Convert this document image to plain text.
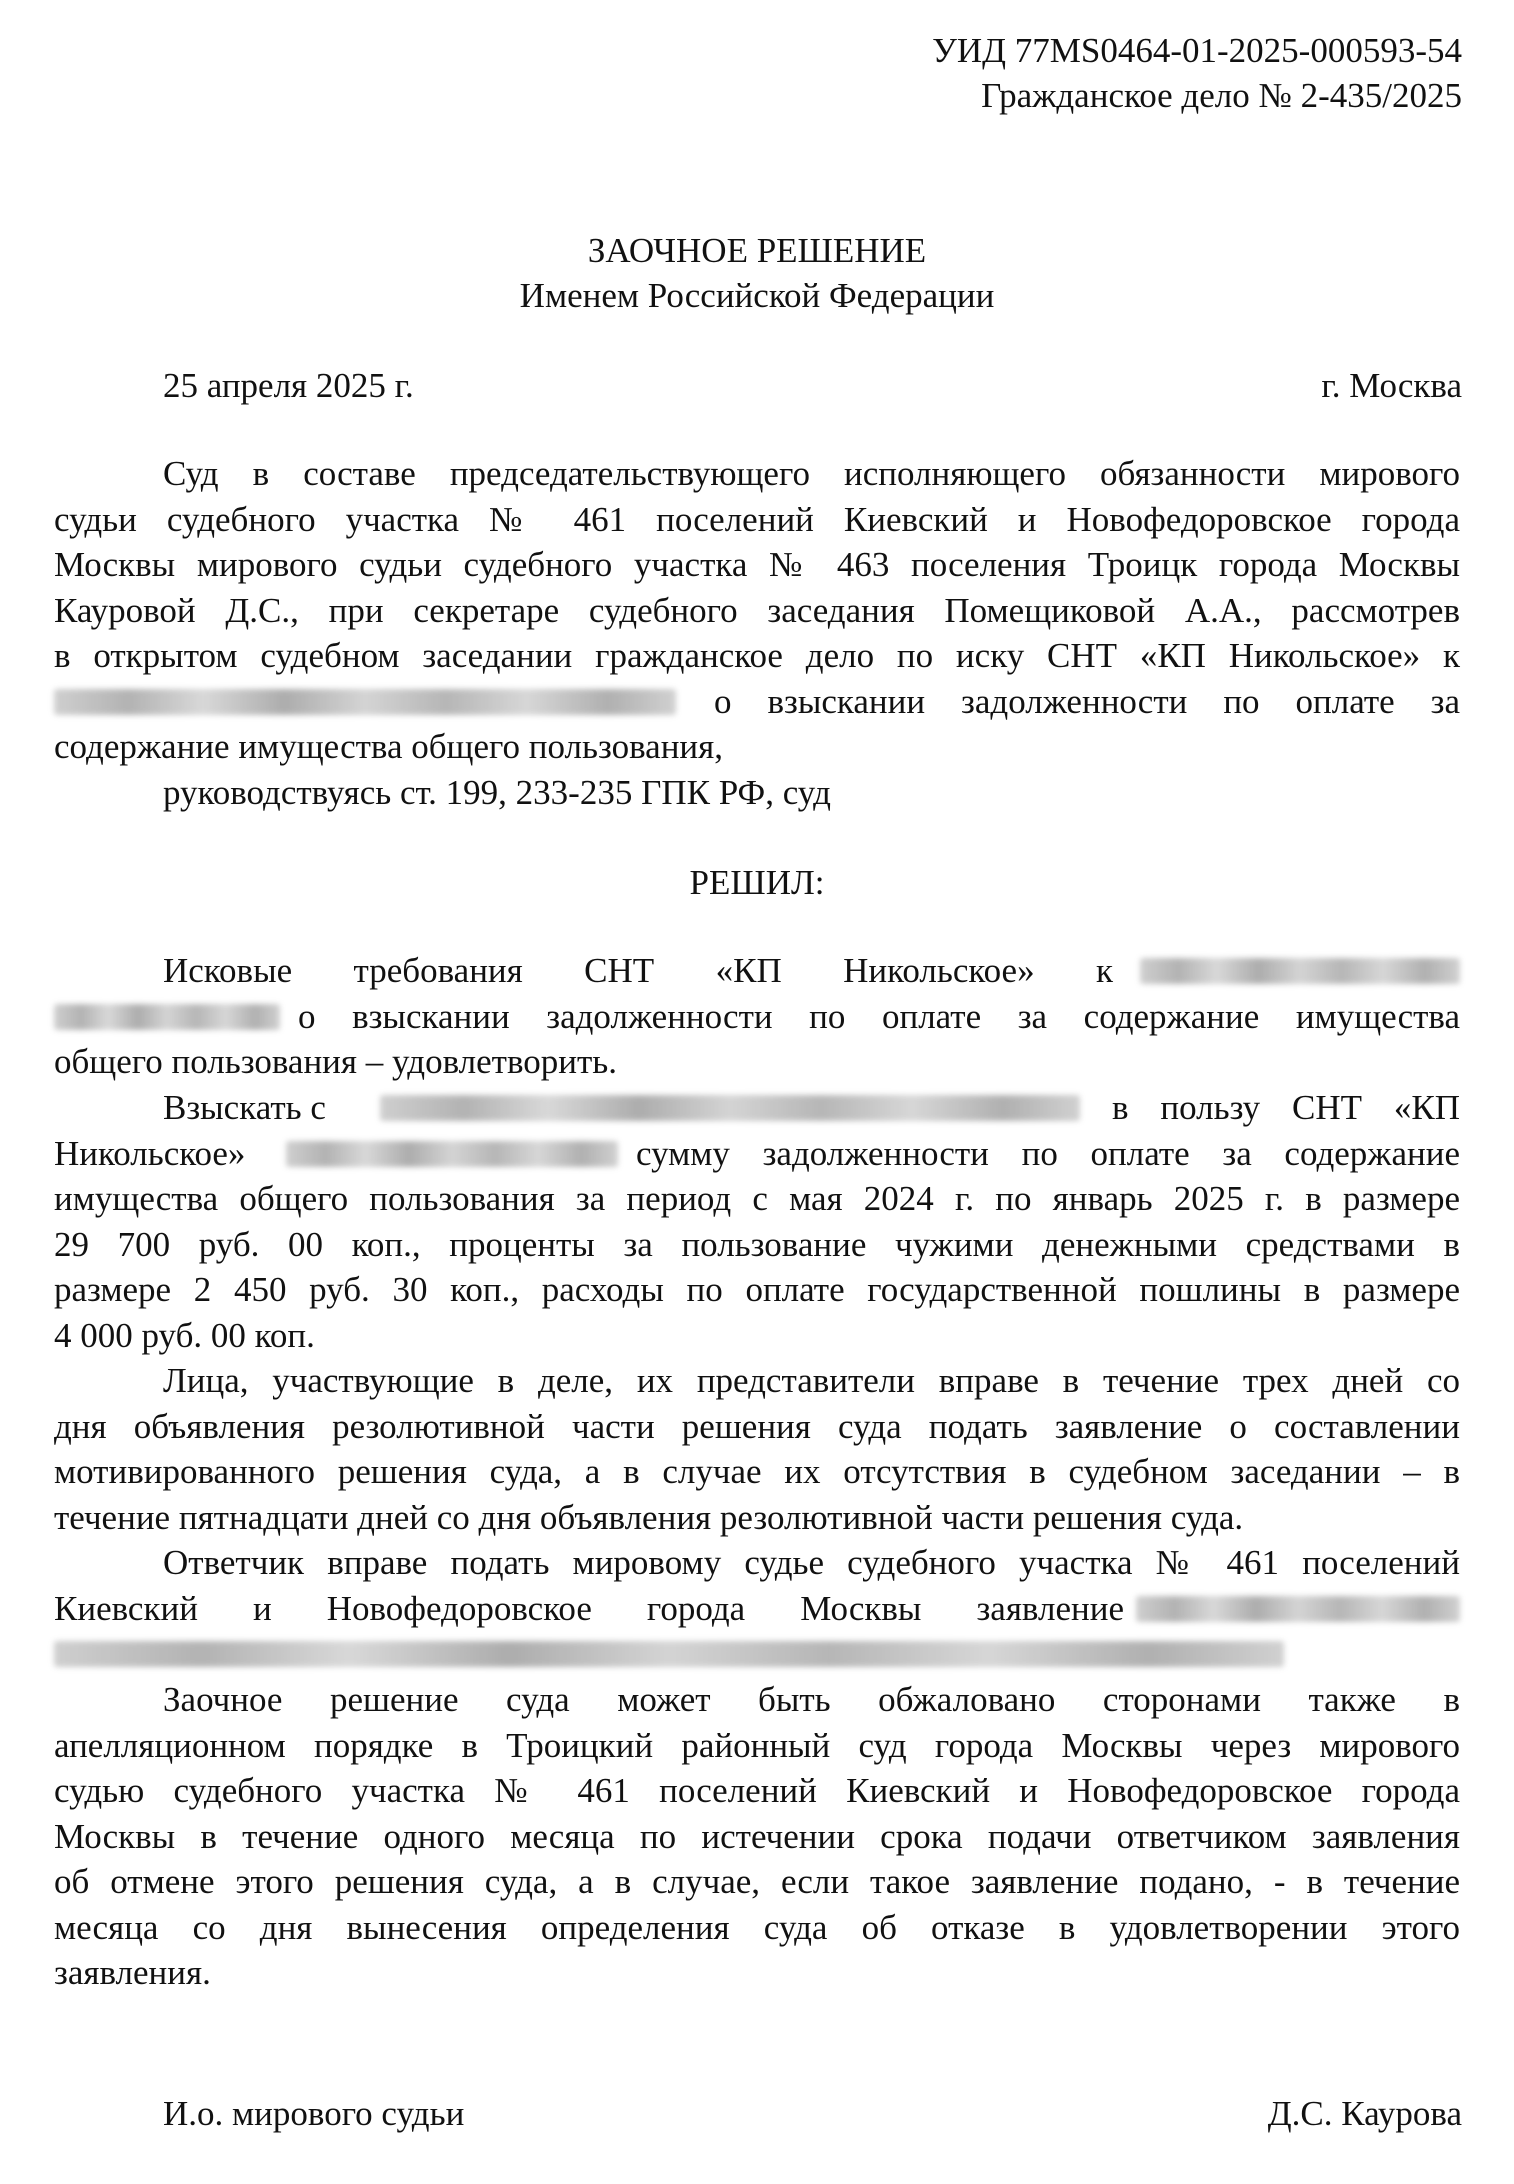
УИД 77MS0464-01-2025-000593-54
Гражданское дело № 2-435/2025
ЗАОЧНОЕ РЕШЕНИЕ
Именем Российской Федерации
25 апреля 2025 г.	г. Москва
Суд в составе председательствующего исполняющего обязанности мирового
судьи судебного участка № 461 поселений Киевский и Новофедоровское города
Москвы мирового судьи судебного участка № 463 поселения Троицк города Москвы
Кауровой Д.С., при секретаре судебного заседания Помещиковой А.А., рассмотрев
в открытом судебном заседании гражданское дело по иску СНТ «КП Никольское» к
о взыскании задолженности по оплате за
содержание имущества общего пользования,
руководствуясь ст. 199, 233-235 ГПК РФ, суд
РЕШИЛ:
Исковые требования СНТ «КП Никольское» к
о взыскании задолженности по оплате за содержание имущества
общего пользования – удовлетворить.
Взыскать с	в пользу СНТ «КП
Никольское»	сумму задолженности по оплате за содержание
имущества общего пользования за период с мая 2024 г. по январь 2025 г. в размере
29 700 руб. 00 коп., проценты за пользование чужими денежными средствами в
размере 2 450 руб. 30 коп., расходы по оплате государственной пошлины в размере
4 000 руб. 00 коп.
Лица, участвующие в деле, их представители вправе в течение трех дней со
дня объявления резолютивной части решения суда подать заявление о составлении
мотивированного решения суда, а в случае их отсутствия в судебном заседании – в
течение пятнадцати дней со дня объявления резолютивной части решения суда.
Ответчик вправе подать мировому судье судебного участка № 461 поселений
Киевский и Новофедоровское города Москвы заявление
Заочное решение суда может быть обжаловано сторонами также в
апелляционном порядке в Троицкий районный суд города Москвы через мирового
судью судебного участка № 461 поселений Киевский и Новофедоровское города
Москвы в течение одного месяца по истечении срока подачи ответчиком заявления
об отмене этого решения суда, а в случае, если такое заявление подано, - в течение
месяца со дня вынесения определения суда об отказе в удовлетворении этого
заявления.
И.о. мирового судьи	Д.С. Каурова
